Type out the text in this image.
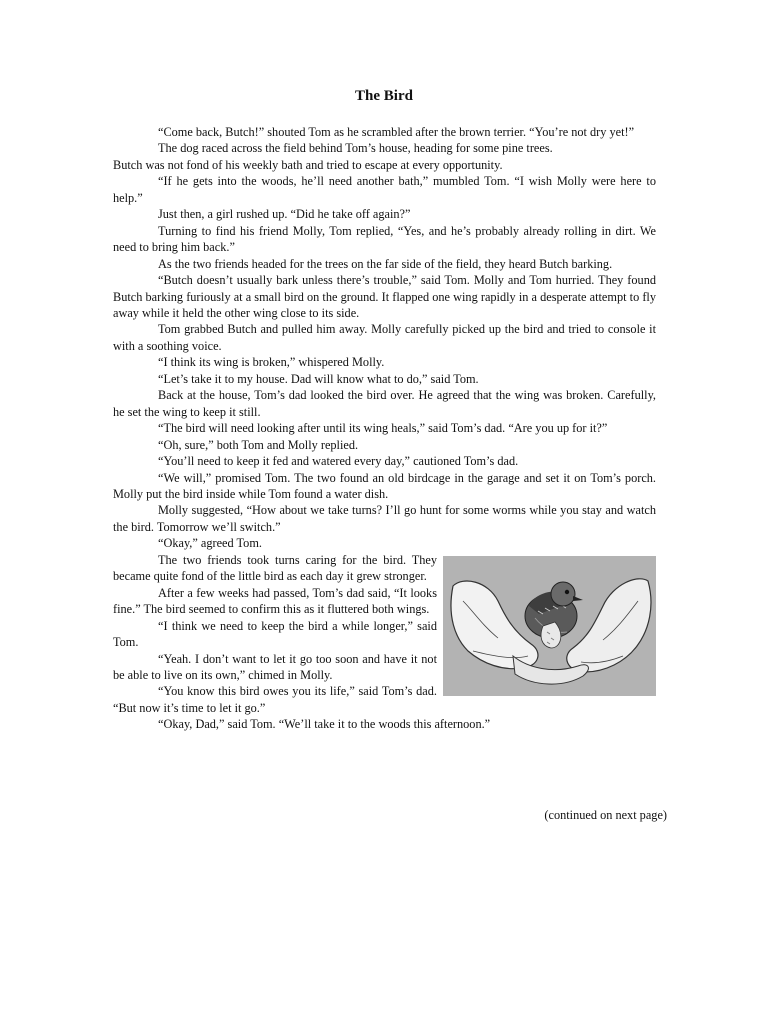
The Bird

“Come back, Butch!” shouted Tom as he scrambled after the brown terrier. “You’re not dry yet!”

The dog raced across the field behind Tom’s house, heading for some pine trees.

Butch was not fond of his weekly bath and tried to escape at every opportunity.

“If he gets into the woods, he’ll need another bath,” mumbled Tom. “I wish Molly were here to help.”

Just then, a girl rushed up. “Did he take off again?”

Turning to find his friend Molly, Tom replied, “Yes, and he’s probably already rolling in dirt. We need to bring him back.”

As the two friends headed for the trees on the far side of the field, they heard Butch barking.

“Butch doesn’t usually bark unless there’s trouble,” said Tom. Molly and Tom hurried. They found Butch barking furiously at a small bird on the ground. It flapped one wing rapidly in a desperate attempt to fly away while it held the other wing close to its side.

Tom grabbed Butch and pulled him away. Molly carefully picked up the bird and tried to console it with a soothing voice.

“I think its wing is broken,” whispered Molly.

“Let’s take it to my house. Dad will know what to do,” said Tom.

Back at the house, Tom’s dad looked the bird over. He agreed that the wing was broken. Carefully, he set the wing to keep it still.

“The bird will need looking after until its wing heals,” said Tom’s dad. “Are you up for it?”

“Oh, sure,” both Tom and Molly replied.

“You’ll need to keep it fed and watered every day,” cautioned Tom’s dad.

“We will,” promised Tom. The two found an old birdcage in the garage and set it on Tom’s porch. Molly put the bird inside while Tom found a water dish.

Molly suggested, “How about we take turns? I’ll go hunt for some worms while you stay and watch the bird. Tomorrow we’ll switch.”

“Okay,” agreed Tom.

The two friends took turns caring for the bird. They became quite fond of the little bird as each day it grew stronger.

After a few weeks had passed, Tom’s dad said, “It looks fine.” The bird seemed to confirm this as it fluttered both wings.

“I think we need to keep the bird a while longer,” said Tom.

“Yeah. I don’t want to let it go too soon and have it not be able to live on its own,” chimed in Molly.

“You know this bird owes you its life,” said Tom’s dad. “But now it’s time to let it go.”

“Okay, Dad,” said Tom. “We’ll take it to the woods this afternoon.”

(continued on next page)
